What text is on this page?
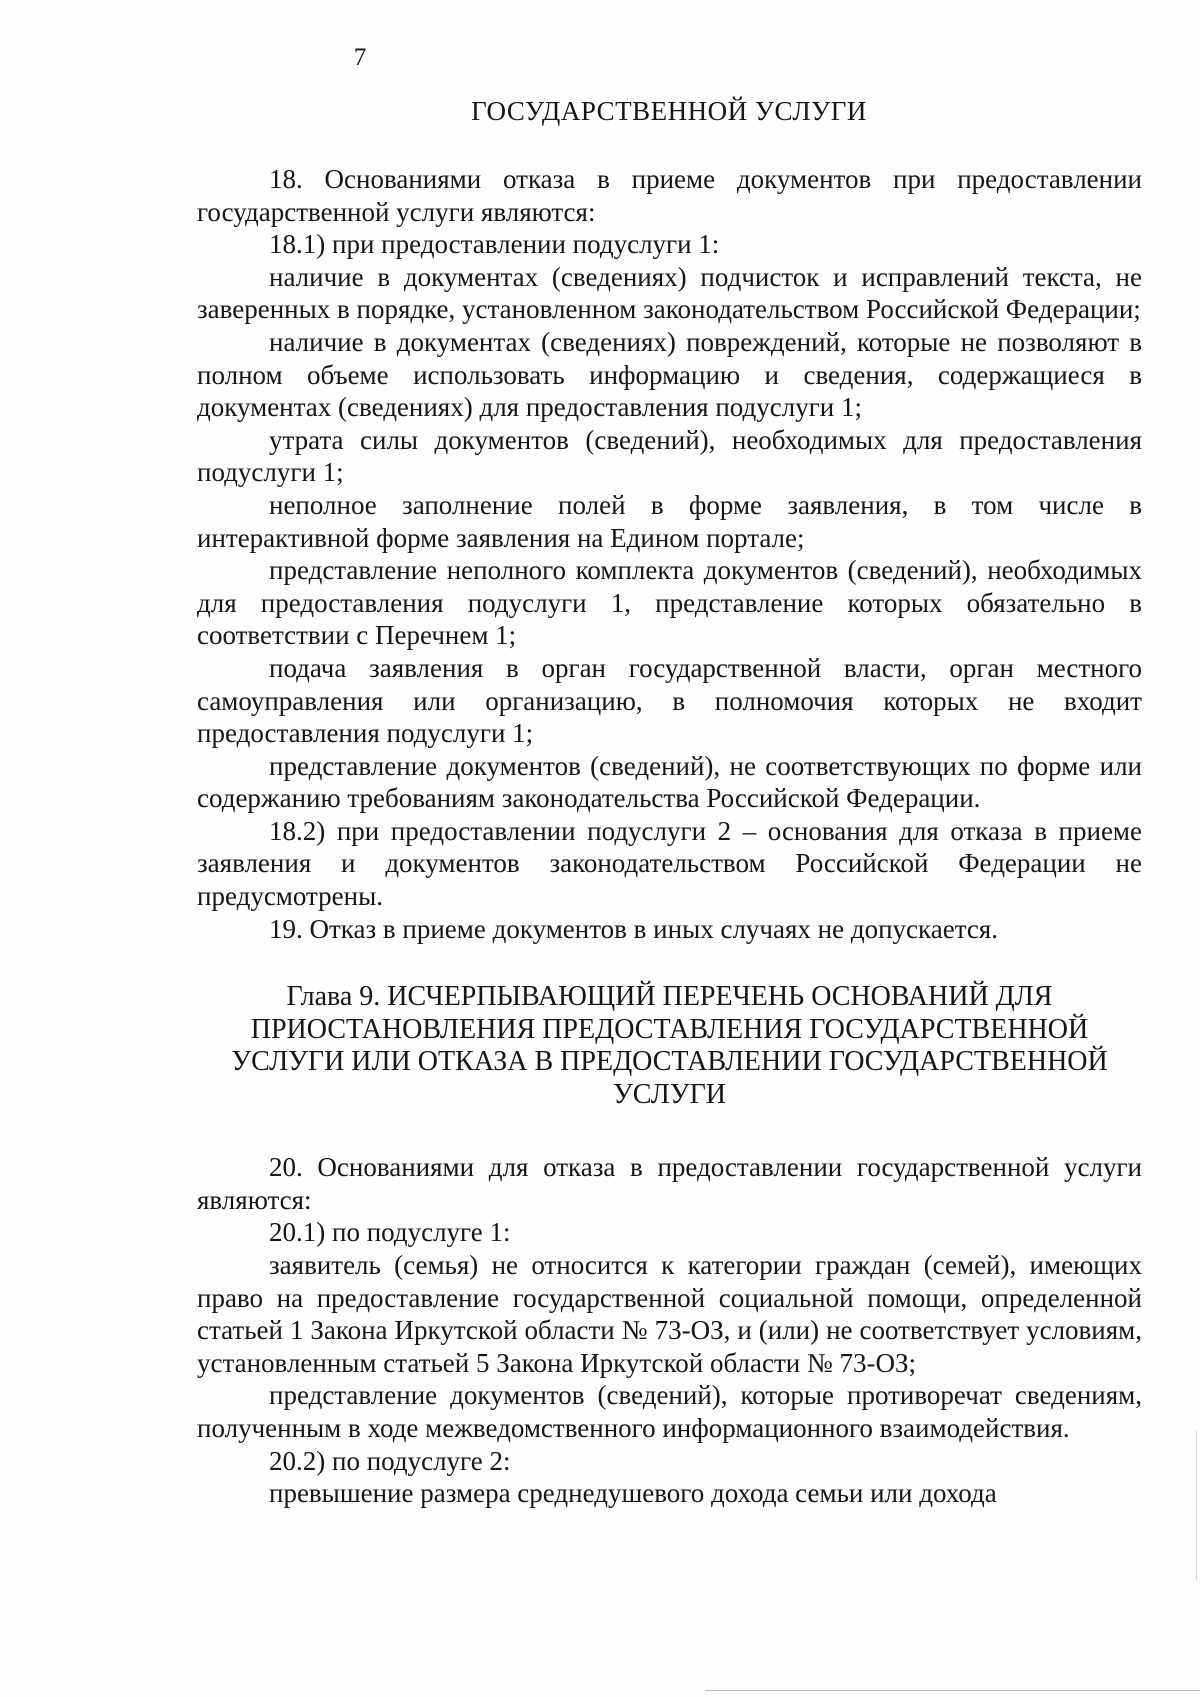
7
ГОСУДАРСТВЕННОЙ УСЛУГИ

18. Основаниями отказа в приеме документов при предоставлении государственной услуги являются:

18.1) при предоставлении подуслуги 1:

наличие в документах (сведениях) подчисток и исправлений текста, не заверенных в порядке, установленном законодательством Российской Федерации;

наличие в документах (сведениях) повреждений, которые не позволяют в полном объеме использовать информацию и сведения, содержащиеся в документах (сведениях) для предоставления подуслуги 1;

утрата силы документов (сведений), необходимых для предоставления подуслуги 1;

неполное заполнение полей в форме заявления, в том числе в интерактивной форме заявления на Едином портале;

представление неполного комплекта документов (сведений), необходимых для предоставления подуслуги 1, представление которых обязательно в соответствии с Перечнем 1;

подача заявления в орган государственной власти, орган местного самоуправления или организацию, в полномочия которых не входит предоставления подуслуги 1;

представление документов (сведений), не соответствующих по форме или содержанию требованиям законодательства Российской Федерации.

18.2) при предоставлении подуслуги 2 – основания для отказа в приеме заявления и документов законодательством Российской Федерации не предусмотрены.

19. Отказ в приеме документов в иных случаях не допускается.

Глава 9. ИСЧЕРПЫВАЮЩИЙ ПЕРЕЧЕНЬ ОСНОВАНИЙ ДЛЯ ПРИОСТАНОВЛЕНИЯ ПРЕДОСТАВЛЕНИЯ ГОСУДАРСТВЕННОЙ УСЛУГИ ИЛИ ОТКАЗА В ПРЕДОСТАВЛЕНИИ ГОСУДАРСТВЕННОЙ УСЛУГИ

20. Основаниями для отказа в предоставлении государственной услуги являются:

20.1) по подуслуге 1:

заявитель (семья) не относится к категории граждан (семей), имеющих право на предоставление государственной социальной помощи, определенной статьей 1 Закона Иркутской области № 73-ОЗ, и (или) не соответствует условиям, установленным статьей 5 Закона Иркутской области № 73-ОЗ;

представление документов (сведений), которые противоречат сведениям, полученным в ходе межведомственного информационного взаимодействия.

20.2) по подуслуге 2:

превышение размера среднедушевого дохода семьи или дохода
